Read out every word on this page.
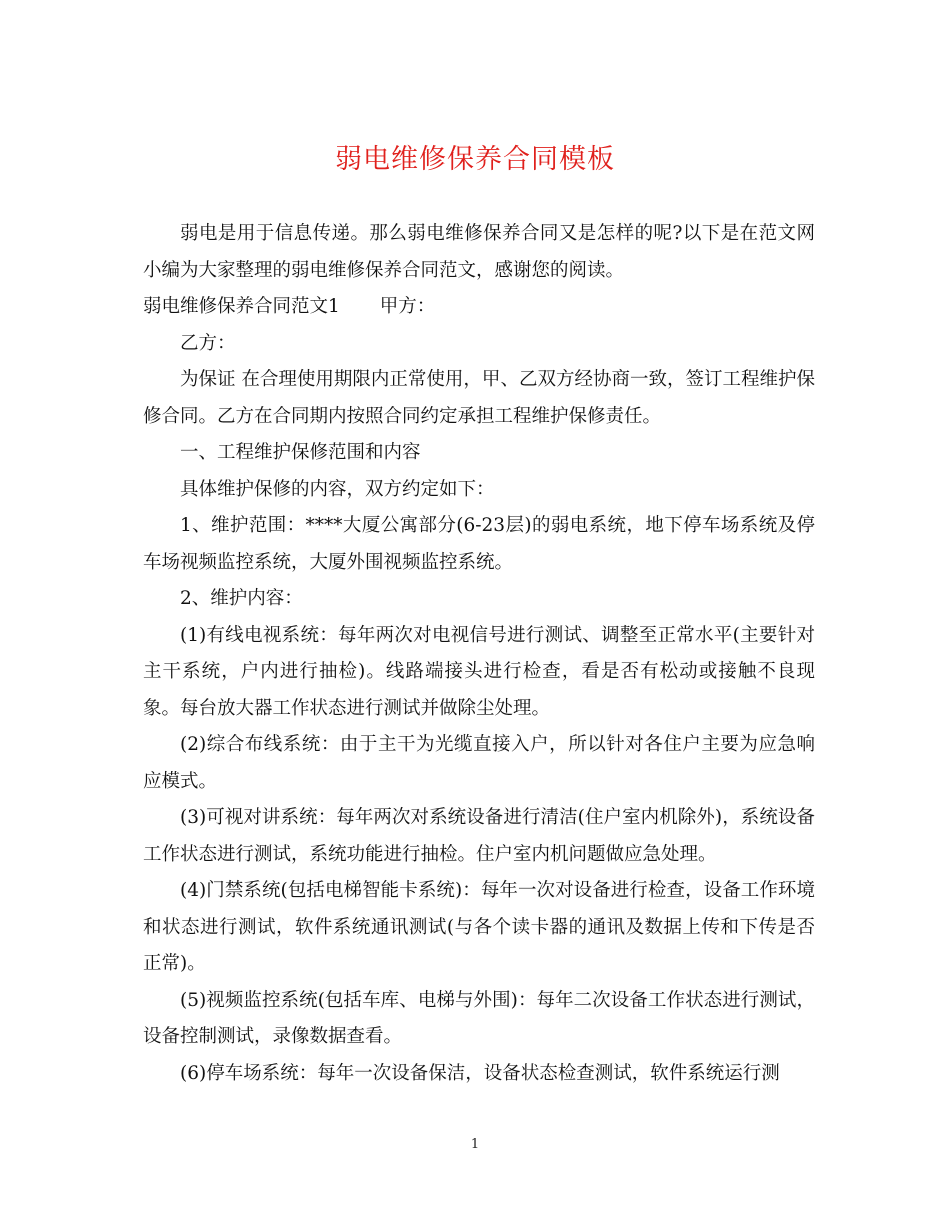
弱电维修保养合同模板

弱电是用于信息传递。那么弱电维修保养合同又是怎样的呢?以下是在范文网小编为大家整理的弱电维修保养合同范文，感谢您的阅读。

弱电维修保养合同范文1 甲方：

乙方：

为保证 在合理使用期限内正常使用，甲、乙双方经协商一致，签订工程维护保修合同。乙方在合同期内按照合同约定承担工程维护保修责任。

一、工程维护保修范围和内容

具体维护保修的内容，双方约定如下：

1、维护范围：****大厦公寓部分(6-23层)的弱电系统，地下停车场系统及停车场视频监控系统，大厦外围视频监控系统。

2、维护内容：

(1)有线电视系统：每年两次对电视信号进行测试、调整至正常水平(主要针对主干系统，户内进行抽检)。线路端接头进行检查，看是否有松动或接触不良现象。每台放大器工作状态进行测试并做除尘处理。

(2)综合布线系统：由于主干为光缆直接入户，所以针对各住户主要为应急响应模式。

(3)可视对讲系统：每年两次对系统设备进行清洁(住户室内机除外)，系统设备工作状态进行测试，系统功能进行抽检。住户室内机问题做应急处理。

(4)门禁系统(包括电梯智能卡系统)：每年一次对设备进行检查，设备工作环境和状态进行测试，软件系统通讯测试(与各个读卡器的通讯及数据上传和下传是否正常)。

(5)视频监控系统(包括车库、电梯与外围)：每年二次设备工作状态进行测试，设备控制测试，录像数据查看。

(6)停车场系统：每年一次设备保洁，设备状态检查测试，软件系统运行测

1
